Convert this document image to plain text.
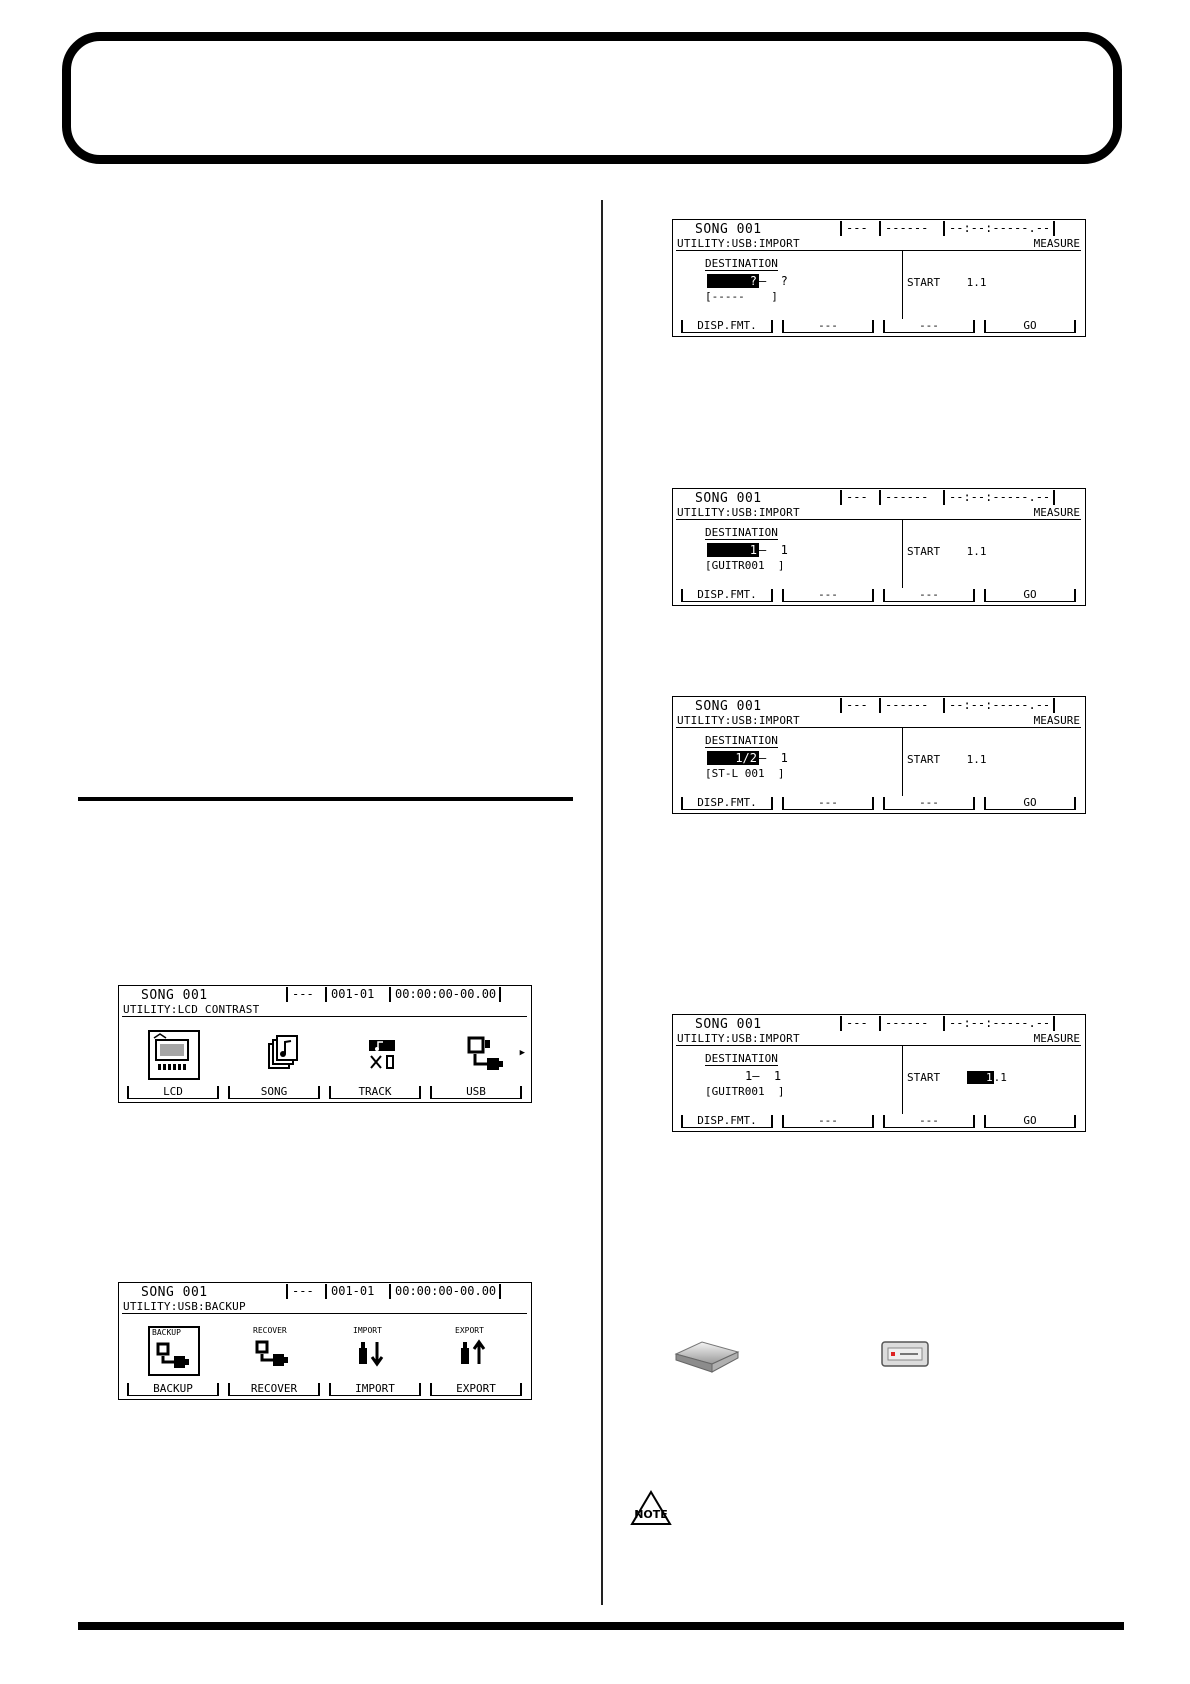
SONG 001	---	------	--:--:-----.--
UTILITY:USB:IMPORT	MEASURE
DESTINATION
? –  ?
[-----    ]
START 1.1
DISP.FMT.	---	---	GO
SONG 001	---	------	--:--:-----.--
UTILITY:USB:IMPORT	MEASURE
DESTINATION
1 –  1
[GUITR001  ]
START 1.1
DISP.FMT.	---	---	GO
SONG 001	---	------	--:--:-----.--
UTILITY:USB:IMPORT	MEASURE
DESTINATION
1/2 –  1
[ST-L 001  ]
START 1.1
DISP.FMT.	---	---	GO
SONG 001	---	------	--:--:-----.--
UTILITY:USB:IMPORT	MEASURE
DESTINATION
1–  1
[GUITR001  ]
START	1.1
DISP.FMT.	---	---	GO
SONG 001	---	001-01	00:00:00-00.00
UTILITY:LCD CONTRAST
▶
LCD	SONG	TRACK	USB
SONG 001	---	001-01	00:00:00-00.00
UTILITY:USB:BACKUP
BACKUP	RECOVER	IMPORT	EXPORT
BACKUP	RECOVER	IMPORT	EXPORT
NOTE
